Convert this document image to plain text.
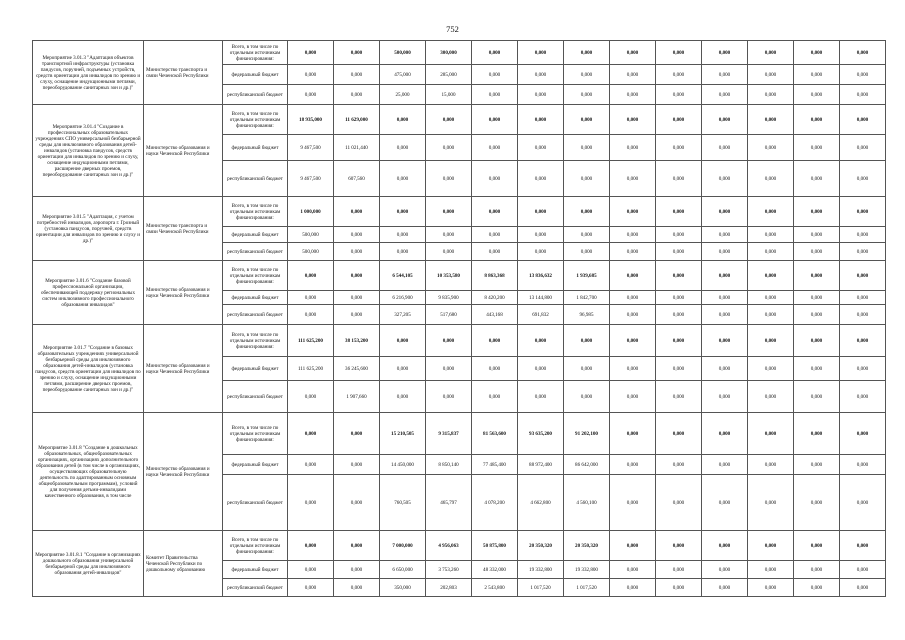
752
Мероприятие 3.01.3 "Адаптация объектов транспортной инфраструктуры (установка пандусов, поручней, подъемных устройств, средств ориентации для инвалидов по зрению и слуху, оснащение индукционными петлями, переоборудование санитарных зон и др.)"	Министерство транспорта и связи Чеченской Республики	Всего, в том числе по отдельным источникам финансирования:	0,000	0,000	500,000	300,000	0,000	0,000	0,000	0,000	0,000	0,000	0,000	0,000	0,000
		федеральный бюджет	0,000	0,000	475,000	285,000	0,000	0,000	0,000	0,000	0,000	0,000	0,000	0,000	0,000
		республиканский бюджет	0,000	0,000	25,000	15,000	0,000	0,000	0,000	0,000	0,000	0,000	0,000	0,000	0,000
Мероприятие 3.01.4 "Создание в профессиональных образовательных учреждениях СПО универсальной безбарьерной среды для инклюзивного образования детей-инвалидов (установка пандусов, средств ориентации для инвалидов по зрению и слуху, оснащение индукционными петлями, расширение дверных проемов, переоборудование санитарных зон и др.)"	Министерство образования и науки Чеченской Республики	Всего, в том числе по отдельным источникам финансирования:	18 935,000	11 629,000	0,000	0,000	0,000	0,000	0,000	0,000	0,000	0,000	0,000	0,000	0,000
		федеральный бюджет	9 467,500	11 021,440	0,000	0,000	0,000	0,000	0,000	0,000	0,000	0,000	0,000	0,000	0,000
		республиканский бюджет	9 467,500	607,560	0,000	0,000	0,000	0,000	0,000	0,000	0,000	0,000	0,000	0,000	0,000
Мероприятие 3.01.5 "Адаптация, с учетом потребностей инвалидов, аэропорта г. Грозный (установка пандусов, поручней, средств ориентации для инвалидов по зрению и слуху и др.)"	Министерство транспорта и связи Чеченской Республики	Всего, в том числе по отдельным источникам финансирования:	1 000,000	0,000	0,000	0,000	0,000	0,000	0,000	0,000	0,000	0,000	0,000	0,000	0,000
		федеральный бюджет	500,000	0,000	0,000	0,000	0,000	0,000	0,000	0,000	0,000	0,000	0,000	0,000	0,000
		республиканский бюджет	500,000	0,000	0,000	0,000	0,000	0,000	0,000	0,000	0,000	0,000	0,000	0,000	0,000
Мероприятие 3.01.6 "Создание базовой профессиональной организации, обеспечивающей поддержку региональных систем инклюзивного профессионального образования инвалидов"	Министерство образования и науки Чеченской Республики	Всего, в том числе по отдельным источникам финансирования:	0,000	0,000	6 544,105	10 353,580	8 863,368	13 836,632	1 939,685	0,000	0,000	0,000	0,000	0,000	0,000
		федеральный бюджет	0,000	0,000	6 216,900	9 835,900	8 420,200	13 144,800	1 842,700	0,000	0,000	0,000	0,000	0,000	0,000
		республиканский бюджет	0,000	0,000	327,205	517,680	443,168	691,832	96,985	0,000	0,000	0,000	0,000	0,000	0,000
Мероприятие 3.01.7 "Создание в базовых образовательных учреждениях универсальной безбарьерной среды для инклюзивного образования детей-инвалидов (установка пандусов, средств ориентации для инвалидов по зрению и слуху, оснащение индукционными петлями, расширение дверных проемов, переоборудование санитарных зон и др.)"	Министерство образования и науки Чеченской Республики	Всего, в том числе по отдельным источникам финансирования:	111 625,200	38 153,200	0,000	0,000	0,000	0,000	0,000	0,000	0,000	0,000	0,000	0,000	0,000
		федеральный бюджет	111 625,200	36 245,600	0,000	0,000	0,000	0,000	0,000	0,000	0,000	0,000	0,000	0,000	0,000
		республиканский бюджет	0,000	1 907,660	0,000	0,000	0,000	0,000	0,000	0,000	0,000	0,000	0,000	0,000	0,000
Мероприятие 3.01.8 "Создание в дошкольных образовательных, общеобразовательных организациях, организациях дополнительного образования детей (в том числе в организациях, осуществляющих образовательную деятельность по адаптированным основным общеобразовательным программам), условий для получения детьми-инвалидами качественного образования, в том числе	Министерство образования и науки Чеченской Республики	Всего, в том числе по отдельным источникам финансирования:	0,000	0,000	15 210,505	9 315,837	81 563,600	93 635,200	91 202,100	0,000	0,000	0,000	0,000	0,000	0,000
		федеральный бюджет	0,000	0,000	14 450,000	8 850,140	77 485,400	88 972,400	86 642,000	0,000	0,000	0,000	0,000	0,000	0,000
		республиканский бюджет	0,000	0,000	760,505	465,797	4 078,200	4 662,800	4 560,100	0,000	0,000	0,000	0,000	0,000	0,000
Мероприятие 3.01.8.1 "Создание в организациях дошкольного образования универсальной безбарьерной среды для инклюзивного образования детей-инвалидов"	Комитет Правительства Чеченской Республики по дошкольному образованию	Всего, в том числе по отдельным источникам финансирования:	0,000	0,000	7 000,000	4 956,063	50 875,800	20 350,320	20 350,320	0,000	0,000	0,000	0,000	0,000	0,000
		федеральный бюджет	0,000	0,000	6 650,000	3 753,260	48 332,000	19 332,800	19 332,800	0,000	0,000	0,000	0,000	0,000	0,000
		республиканский бюджет	0,000	0,000	350,000	202,803	2 543,800	1 017,520	1 017,520	0,000	0,000	0,000	0,000	0,000	0,000
